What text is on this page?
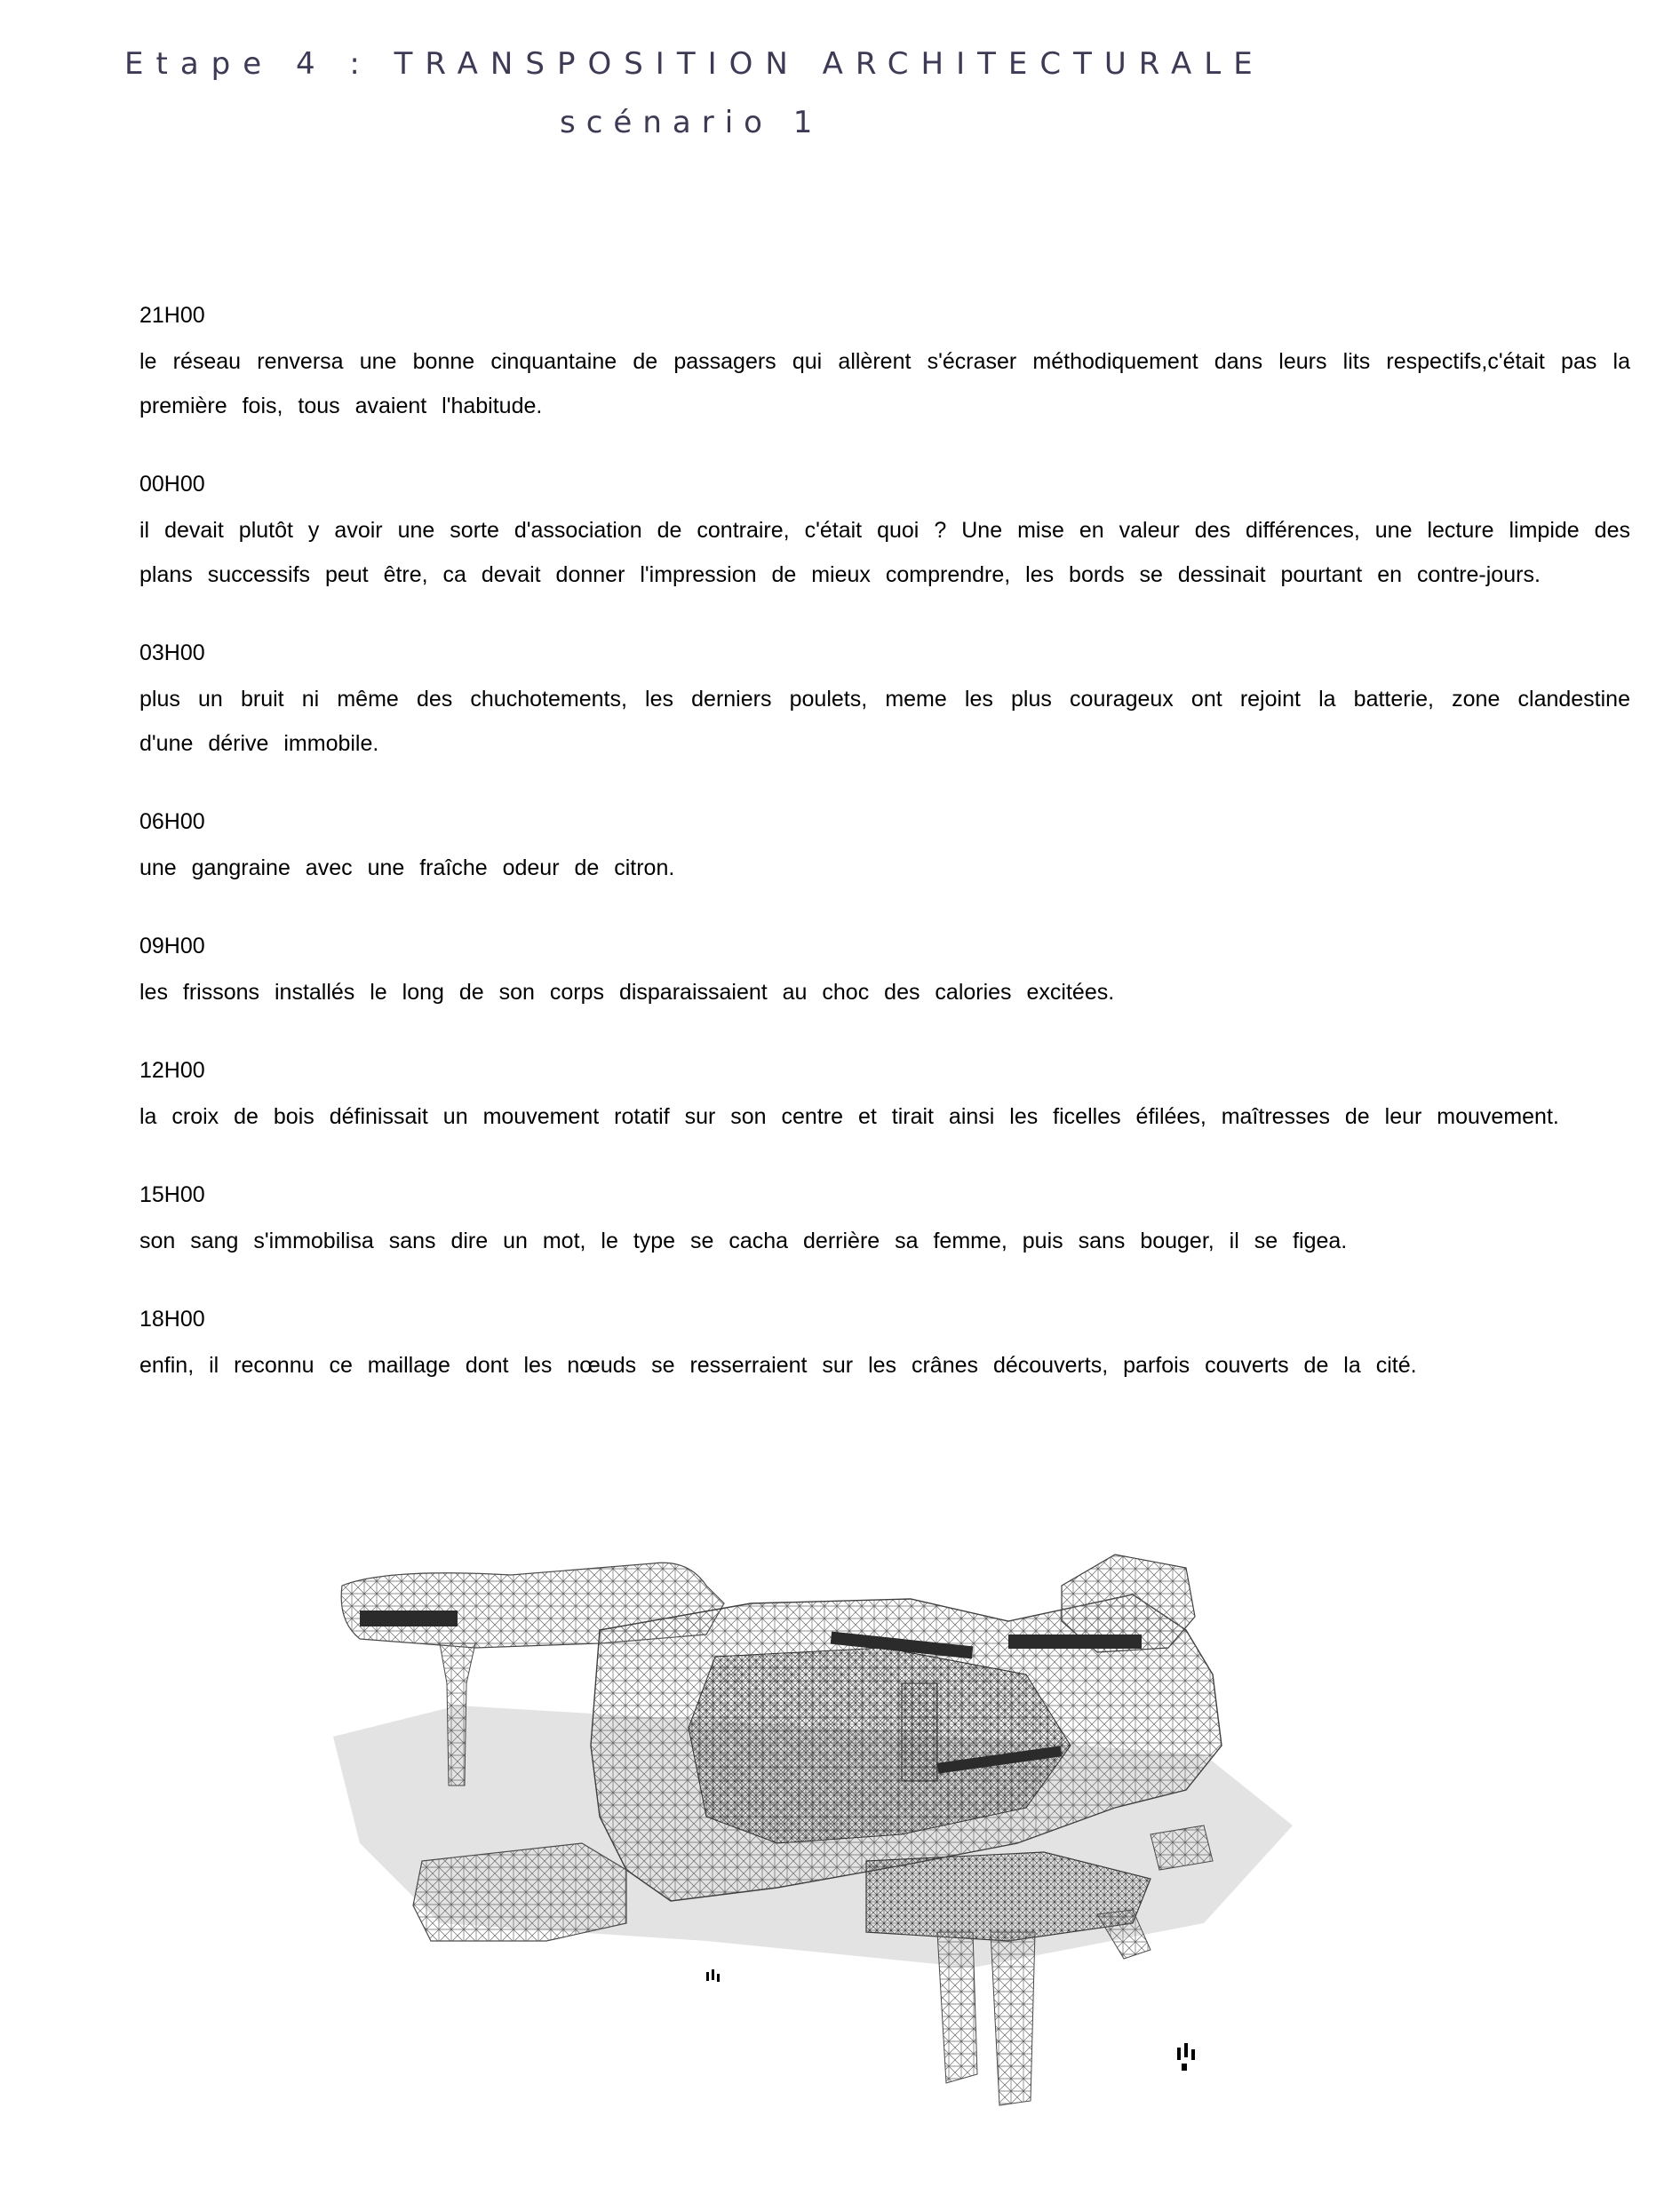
Etape 4 : TRANSPOSITION ARCHITECTURALE
scénario 1

21H00

le réseau renversa une bonne cinquantaine de passagers qui allèrent s'écraser méthodiquement dans leurs lits respectifs,c'était pas la première fois, tous avaient l'habitude.

00H00

il devait plutôt y avoir une sorte d'association de contraire, c'était quoi ? Une mise en valeur des différences, une lecture limpide des plans successifs peut être, ca devait donner l'impression de mieux comprendre, les bords se dessinait pourtant en contre-jours.

03H00

plus un bruit ni même des chuchotements, les derniers poulets, meme les plus courageux ont rejoint la batterie, zone clandestine d'une dérive immobile.

06H00

une gangraine avec une fraîche odeur de citron.

09H00

les frissons installés le long de son corps disparaissaient au choc des calories excitées.

12H00

la croix de bois définissait un mouvement rotatif sur son centre et tirait ainsi les ficelles éfilées, maîtresses de leur mouvement.

15H00

son sang s'immobilisa sans dire un mot, le type se cacha derrière sa femme, puis sans bouger, il se figea.

18H00

enfin, il reconnu ce maillage dont les nœuds se resserraient sur les crânes découverts, parfois couverts de la cité.
